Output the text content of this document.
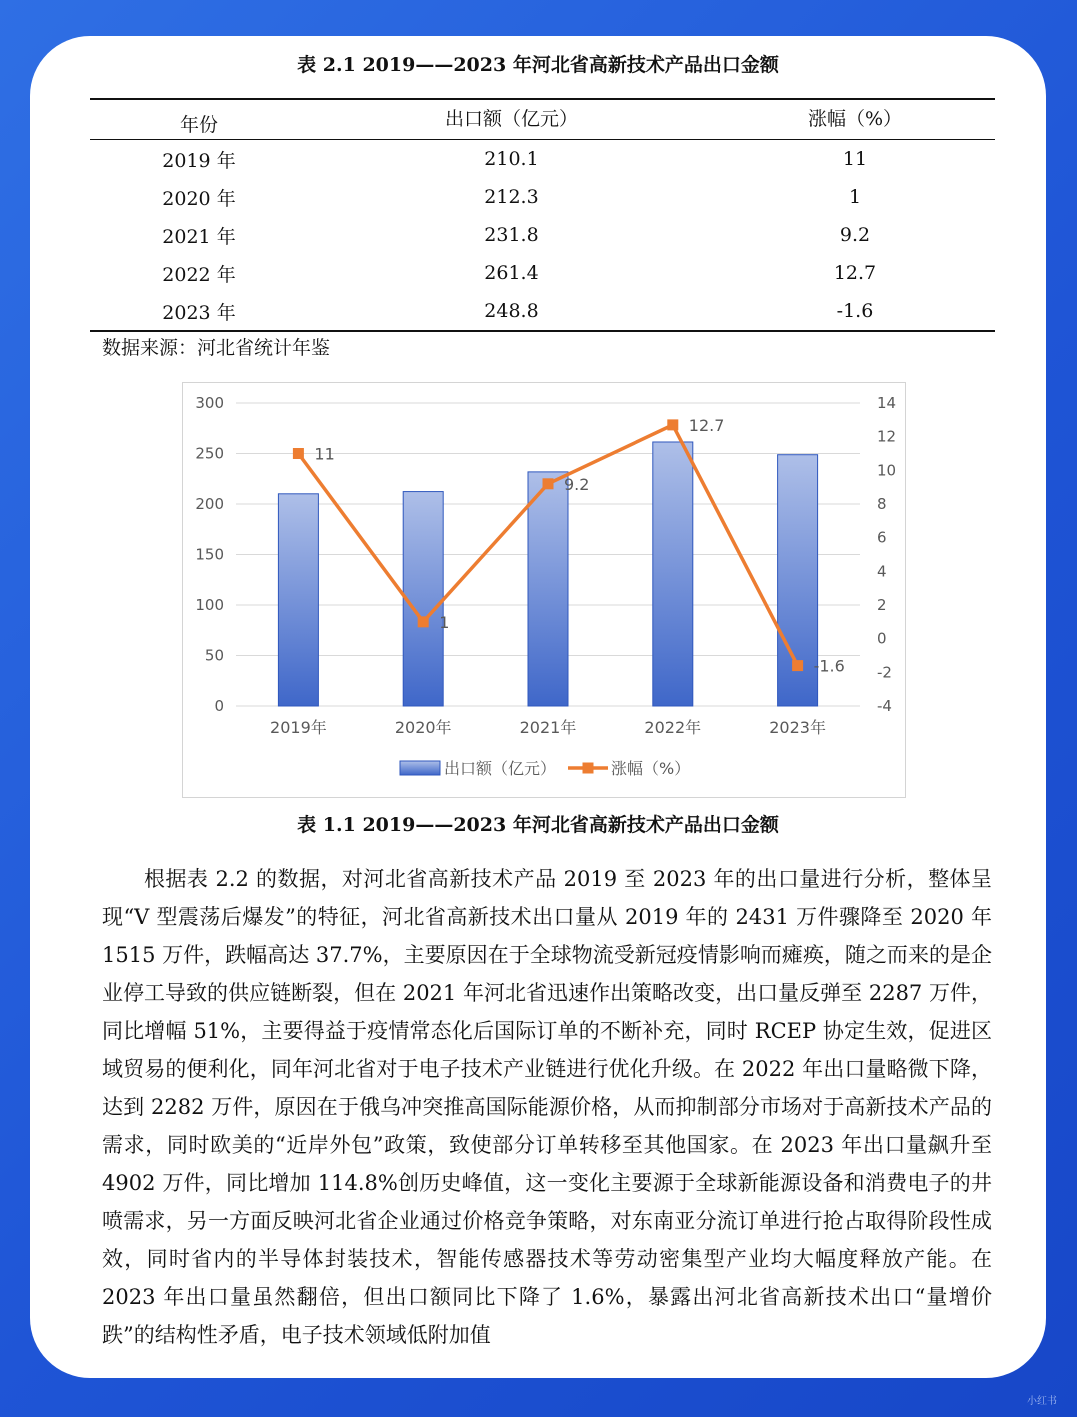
表 2.1 2019——2023 年河北省高新技术产品出口金额
年份	出口额（亿元）	涨幅（%）
2019 年	210.1	11
2020 年	212.3	1
2021 年	231.8	9.2
2022 年	261.4	12.7
2023 年	248.8	-1.6
数据来源：河北省统计年鉴
0
50
100
150
200
250
300
-4
-2
0
2
4
6
8
10
12
14
2019年	2020年	2021年	2022年	2023年
11
1
9.2
12.7
-1.6
出口额（亿元）	涨幅（%）
表 1.1 2019——2023 年河北省高新技术产品出口金额

根据表 2.2 的数据，对河北省高新技术产品 2019 至 2023 年的出口量进行分析，整体呈现“V 型震荡后爆发”的特征，河北省高新技术出口量从 2019 年的 2431 万件骤降至 2020 年 1515 万件，跌幅高达 37.7%，主要原因在于全球物流受新冠疫情影响而瘫痪，随之而来的是企业停工导致的供应链断裂，但在 2021 年河北省迅速作出策略改变，出口量反弹至 2287 万件，同比增幅 51%，主要得益于疫情常态化后国际订单的不断补充，同时 RCEP 协定生效，促进区域贸易的便利化，同年河北省对于电子技术产业链进行优化升级。在 2022 年出口量略微下降，达到 2282 万件，原因在于俄乌冲突推高国际能源价格，从而抑制部分市场对于高新技术产品的需求，同时欧美的“近岸外包”政策，致使部分订单转移至其他国家。在 2023 年出口量飙升至 4902 万件，同比增加 114.8%创历史峰值，这一变化主要源于全球新能源设备和消费电子的井喷需求，另一方面反映河北省企业通过价格竞争策略，对东南亚分流订单进行抢占取得阶段性成效，同时省内的半导体封装技术，智能传感器技术等劳动密集型产业均大幅度释放产能。在 2023 年出口量虽然翻倍，但出口额同比下降了 1.6%，暴露出河北省高新技术出口“量增价跌”的结构性矛盾，电子技术领域低附加值

小红书
